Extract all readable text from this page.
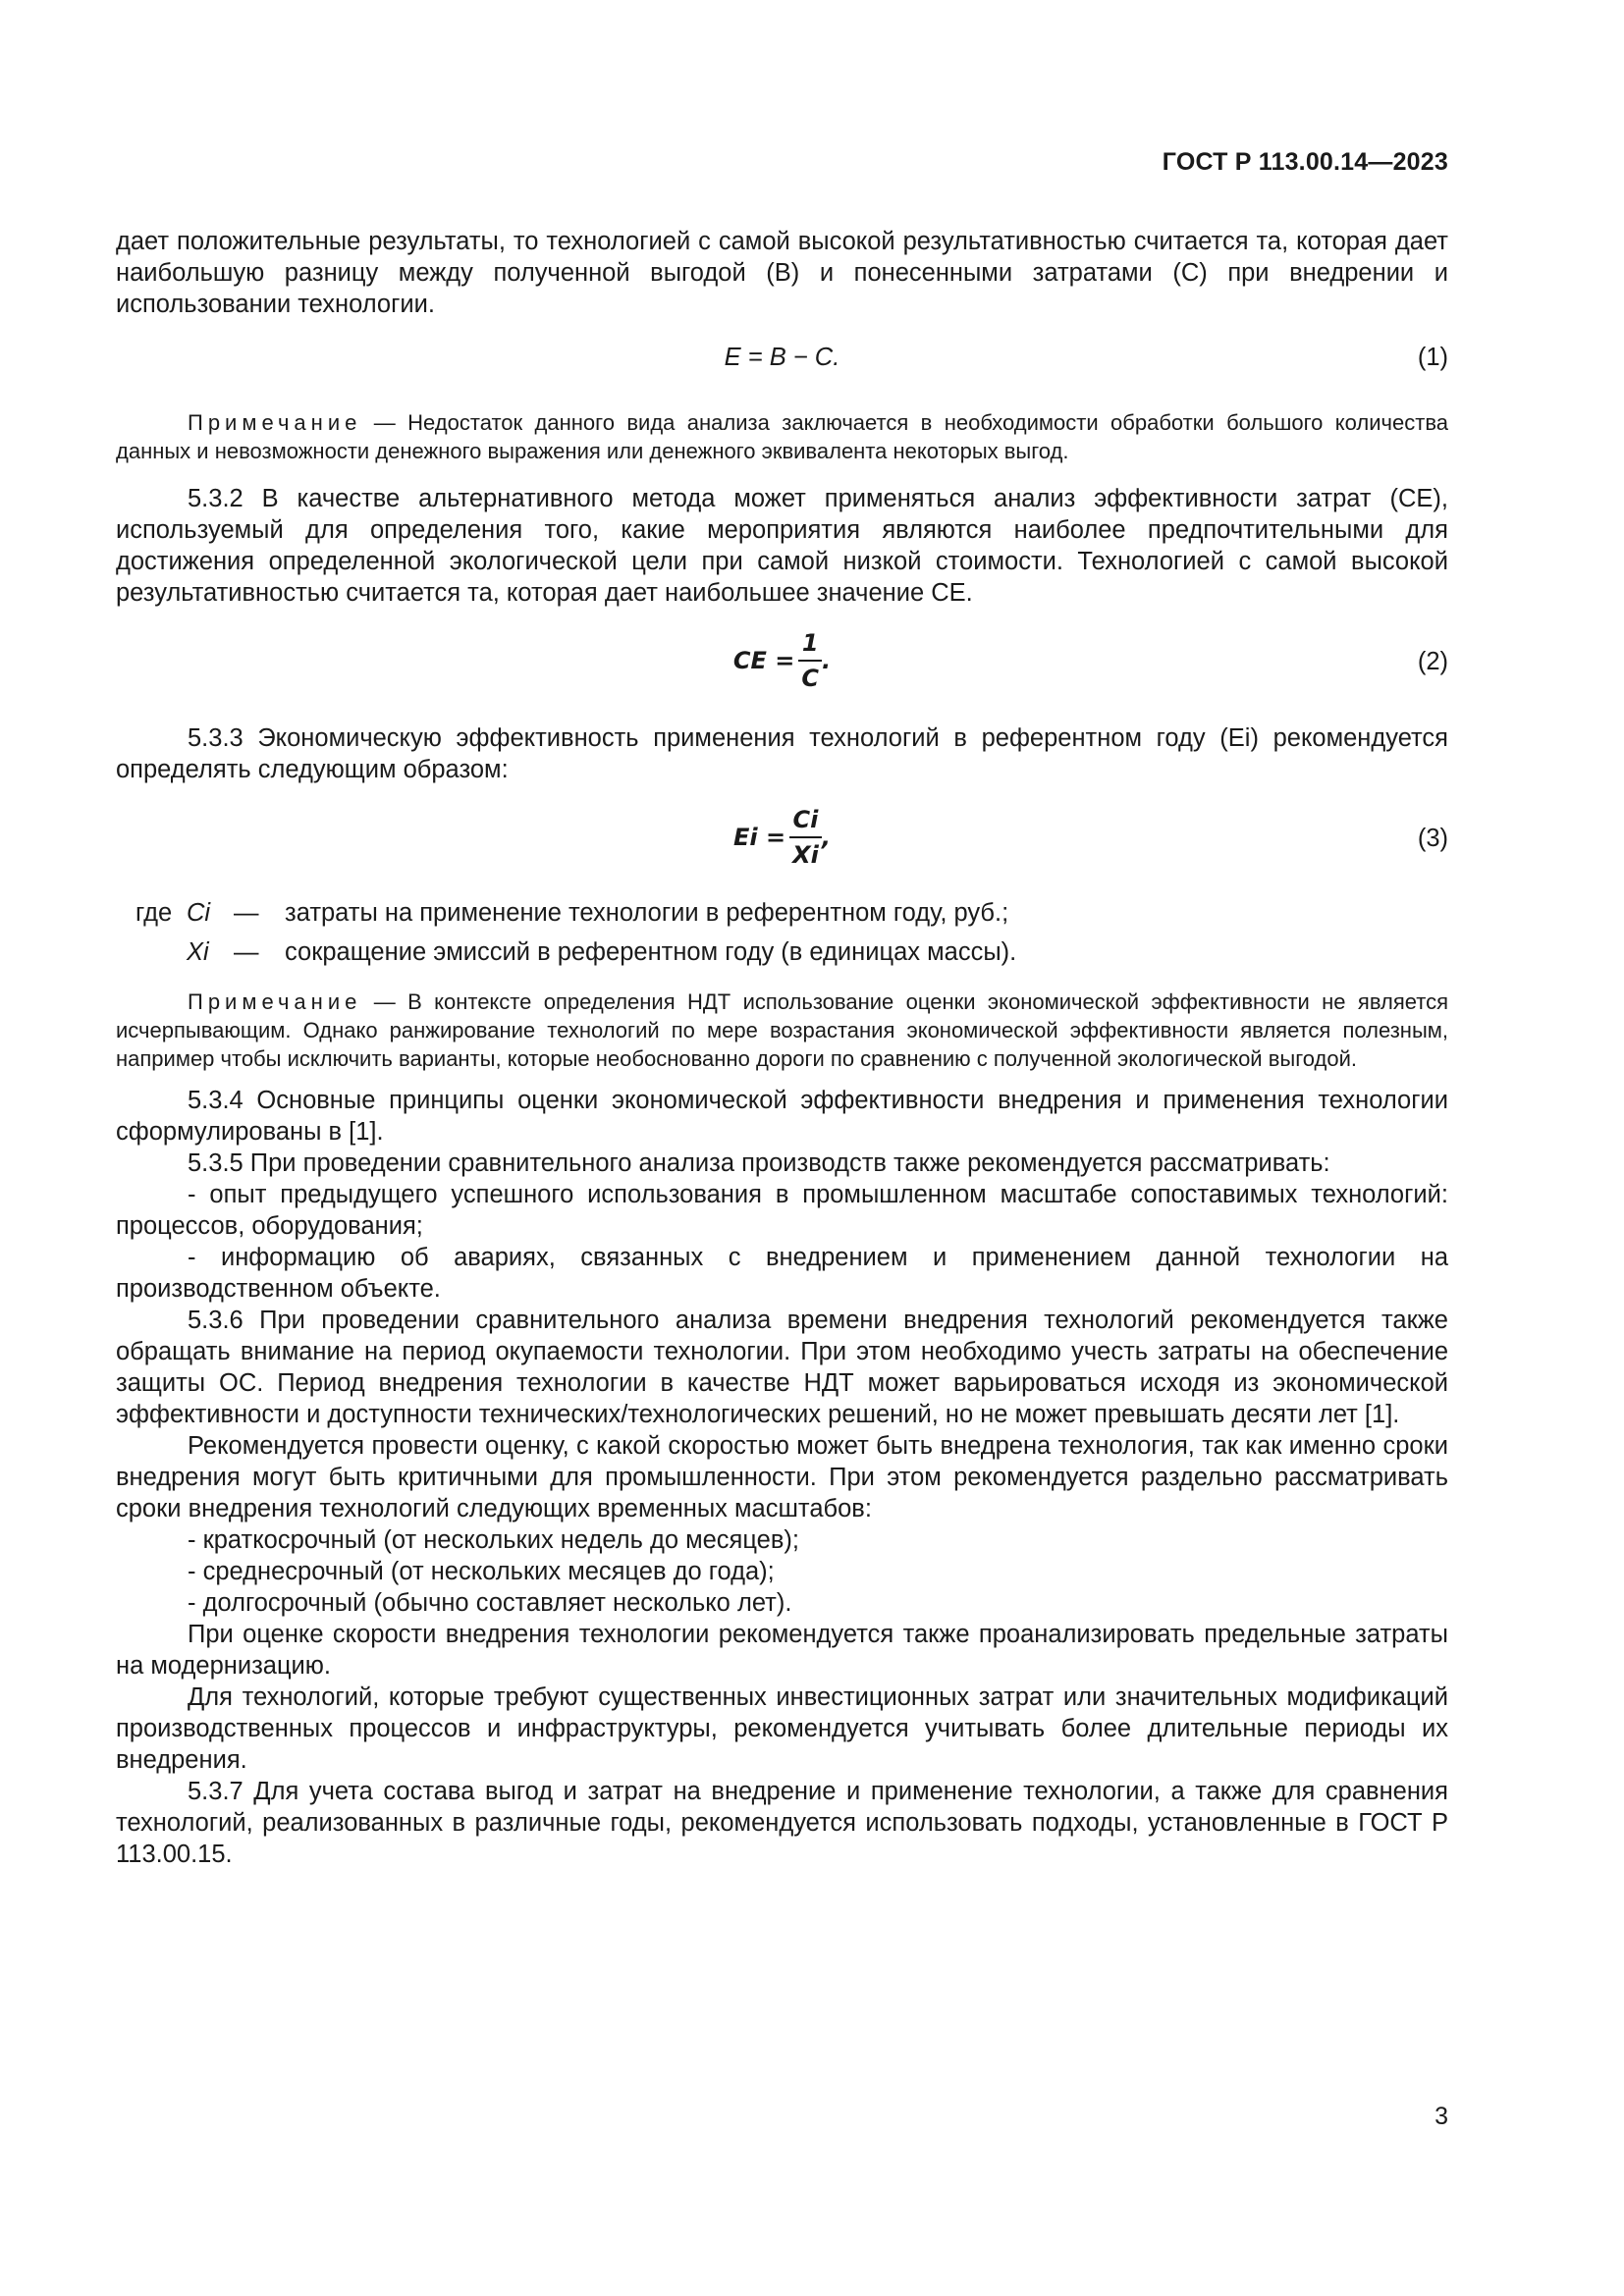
ГОСТ Р 113.00.14—2023

дает положительные результаты, то технологией с самой высокой результативностью считается та, которая дает наибольшую разницу между полученной выгодой (B) и понесенными затратами (C) при внедрении и использовании технологии.

E = B − C.	(1)

Примечание — Недостаток данного вида анализа заключается в необходимости обработки большого количества данных и невозможности денежного выражения или денежного эквивалента некоторых выгод.

5.3.2 В качестве альтернативного метода может применяться анализ эффективности затрат (CE), используемый для определения того, какие мероприятия являются наиболее предпочтительными для достижения определенной экологической цели при самой низкой стоимости. Технологией с самой высокой результативностью считается та, которая дает наибольшее значение CE.

CE = $\frac{1}{C}$ .	(2)

5.3.3 Экономическую эффективность применения технологий в референтном году (Ei) рекомендуется определять следующим образом:

$Ei = \frac{Ci}{Xi}$ ,	(3)
где Ci — затраты на применение технологии в референтном году, руб.;
Xi — сокращение эмиссий в референтном году (в единицах массы).

Примечание — В контексте определения НДТ использование оценки экономической эффективности не является исчерпывающим. Однако ранжирование технологий по мере возрастания экономической эффективности является полезным, например чтобы исключить варианты, которые необоснованно дороги по сравнению с полученной экологической выгодой.

5.3.4 Основные принципы оценки экономической эффективности внедрения и применения технологии сформулированы в [1].

5.3.5 При проведении сравнительного анализа производств также рекомендуется рассматривать:

- опыт предыдущего успешного использования в промышленном масштабе сопоставимых технологий: процессов, оборудования;

- информацию об авариях, связанных с внедрением и применением данной технологии на производственном объекте.

5.3.6 При проведении сравнительного анализа времени внедрения технологий рекомендуется также обращать внимание на период окупаемости технологии. При этом необходимо учесть затраты на обеспечение защиты ОС. Период внедрения технологии в качестве НДТ может варьироваться исходя из экономической эффективности и доступности технических/технологических решений, но не может превышать десяти лет [1].

Рекомендуется провести оценку, с какой скоростью может быть внедрена технология, так как именно сроки внедрения могут быть критичными для промышленности. При этом рекомендуется раздельно рассматривать сроки внедрения технологий следующих временных масштабов:

- краткосрочный (от нескольких недель до месяцев);

- среднесрочный (от нескольких месяцев до года);

- долгосрочный (обычно составляет несколько лет).

При оценке скорости внедрения технологии рекомендуется также проанализировать предельные затраты на модернизацию.

Для технологий, которые требуют существенных инвестиционных затрат или значительных модификаций производственных процессов и инфраструктуры, рекомендуется учитывать более длительные периоды их внедрения.

5.3.7 Для учета состава выгод и затрат на внедрение и применение технологии, а также для сравнения технологий, реализованных в различные годы, рекомендуется использовать подходы, установленные в ГОСТ Р 113.00.15.

3
